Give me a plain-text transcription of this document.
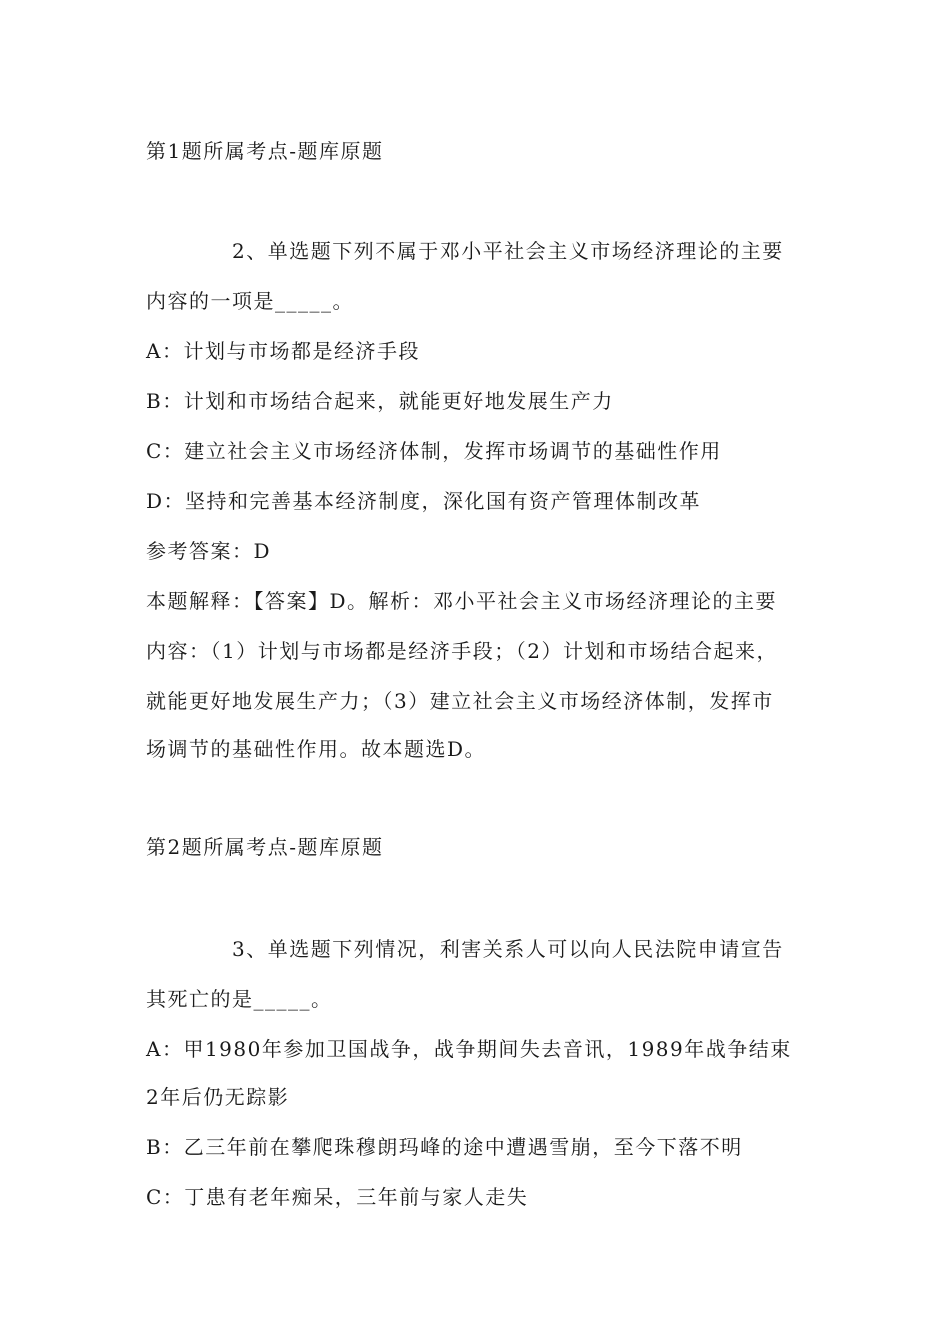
第1题所属考点-题库原题
2、单选题下列不属于邓小平社会主义市场经济理论的主要
内容的一项是_____。
A：计划与市场都是经济手段
B：计划和市场结合起来，就能更好地发展生产力
C：建立社会主义市场经济体制，发挥市场调节的基础性作用
D：坚持和完善基本经济制度，深化国有资产管理体制改革
参考答案：D
本题解释：【答案】D。解析：邓小平社会主义市场经济理论的主要
内容：（1）计划与市场都是经济手段；（2）计划和市场结合起来，
就能更好地发展生产力；（3）建立社会主义市场经济体制，发挥市
场调节的基础性作用。故本题选D。
第2题所属考点-题库原题
3、单选题下列情况，利害关系人可以向人民法院申请宣告
其死亡的是_____。
A：甲1980年参加卫国战争，战争期间失去音讯，1989年战争结束
2年后仍无踪影
B：乙三年前在攀爬珠穆朗玛峰的途中遭遇雪崩，至今下落不明
C：丁患有老年痴呆，三年前与家人走失
